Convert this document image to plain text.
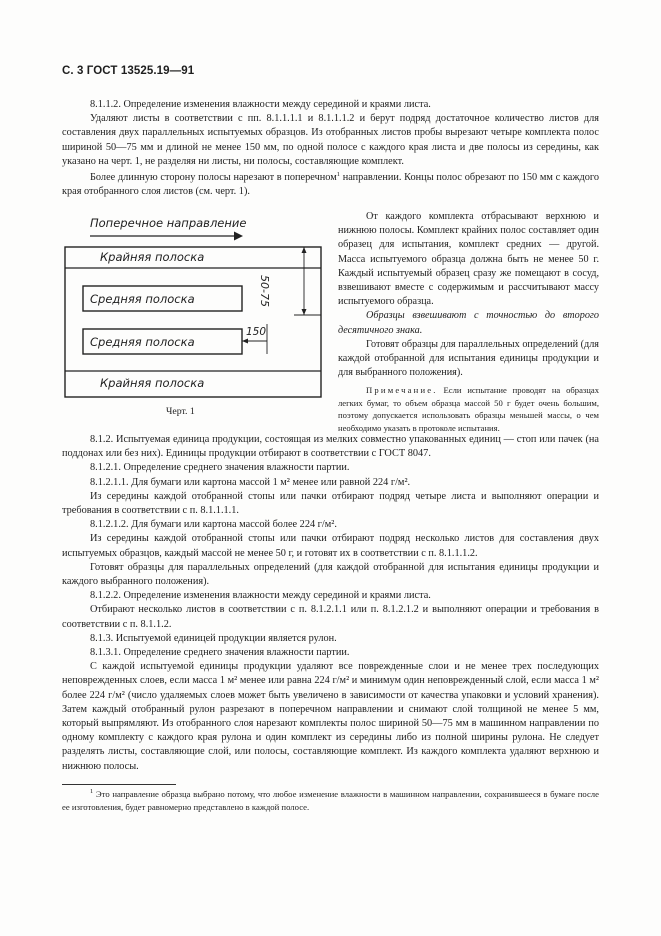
С. 3 ГОСТ 13525.19—91

8.1.1.2. Определение изменения влажности между серединой и краями листа.

Удаляют листы в соответствии с пп. 8.1.1.1.1 и 8.1.1.1.2 и берут подряд достаточное количество листов для составления двух параллельных испытуемых образцов. Из отобранных листов пробы вырезают четыре комплекта полос шириной 50—75 мм и длиной не менее 150 мм, по одной полосе с каждого края листа и две полосы из середины, как указано на черт. 1, не разделяя ни листы, ни полосы, составляющие комплект.

Более длинную сторону полосы нарезают в поперечном$^1$ направлении. Концы полос обрезают по 150 мм с каждого края отобранного слоя листов (см. черт. 1).

Поперечное направление
Крайняя полоска
Средняя полоска
Средняя полоска
Крайняя полоска
50-75
150
Черт. 1

От каждого комплекта отбрасывают верхнюю и нижнюю полосы. Комплект крайних полос составляет один образец для испытания, комплект средних — другой. Масса испытуемого образца должна быть не менее 50 г. Каждый испытуемый образец сразу же помещают в сосуд, взвешивают вместе с содержимым и рассчитывают массу испытуемого образца.

Образцы взвешивают с точностью до второго десятичного знака.

Готовят образцы для параллельных определений (для каждой отобранной для испытания единицы продукции и для выбранного положения).

Примечание. Если испытание проводят на образцах легких бумаг, то объем образца массой 50 г будет очень большим, поэтому допускается использовать образцы меньшей массы, о чем необходимо указать в протоколе испытания.

8.1.2. Испытуемая единица продукции, состоящая из мелких совместно упакованных единиц — стоп или пачек (на поддонах или без них). Единицы продукции отбирают в соответствии с ГОСТ 8047.

8.1.2.1. Определение среднего значения влажности партии.

8.1.2.1.1. Для бумаги или картона массой 1 м² менее или равной 224 г/м².

Из середины каждой отобранной стопы или пачки отбирают подряд четыре листа и выполняют операции и требования в соответствии с п. 8.1.1.1.1.

8.1.2.1.2. Для бумаги или картона массой более 224 г/м².

Из середины каждой отобранной стопы или пачки отбирают подряд несколько листов для составления двух испытуемых образцов, каждый массой не менее 50 г, и готовят их в соответствии с п. 8.1.1.1.2.

Готовят образцы для параллельных определений (для каждой отобранной для испытания единицы продукции и каждого выбранного положения).

8.1.2.2. Определение изменения влажности между серединой и краями листа.

Отбирают несколько листов в соответствии с п. 8.1.2.1.1 или п. 8.1.2.1.2 и выполняют операции и требования в соответствии с п. 8.1.1.2.

8.1.3. Испытуемой единицей продукции является рулон.

8.1.3.1. Определение среднего значения влажности партии.

С каждой испытуемой единицы продукции удаляют все поврежденные слои и не менее трех последующих неповрежденных слоев, если масса 1 м² менее или равна 224 г/м² и минимум один неповрежденный слой, если масса 1 м² более 224 г/м² (число удаляемых слоев может быть увеличено в зависимости от качества упаковки и условий хранения). Затем каждый отобранный рулон разрезают в поперечном направлении и снимают слой толщиной не менее 5 мм, который выпрямляют. Из отобранного слоя нарезают комплекты полос шириной 50—75 мм в машинном направлении по одному комплекту с каждого края рулона и один комплект из середины либо из полной ширины рулона. Не следует разделять листы, составляющие слой, или полосы, составляющие комплект. Из каждого комплекта удаляют верхнюю и нижнюю полосы.

$^1$ Это направление образца выбрано потому, что любое изменение влажности в машинном направлении, сохранившееся в бумаге после ее изготовления, будет равномерно представлено в каждой полосе.
